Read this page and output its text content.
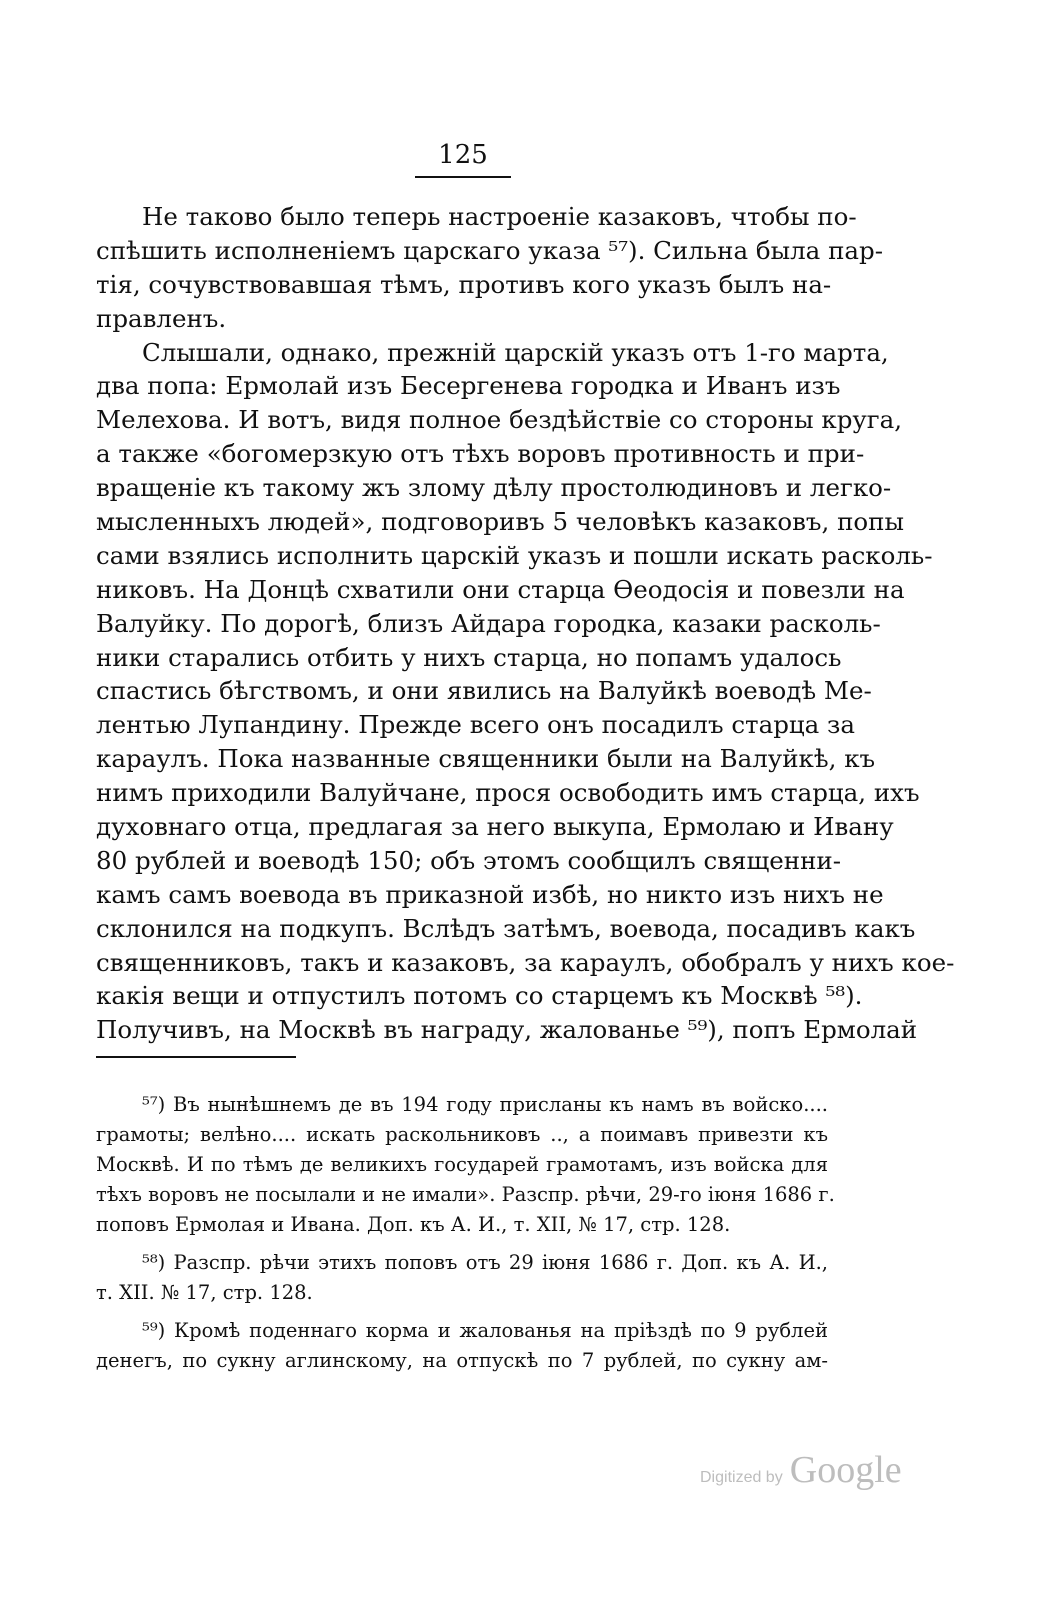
125
Не таково было теперь настроенie казаковъ, чтобы по-
спѣшить исполненiемъ царскаго указа ⁵⁷). Сильна была пар-
тія, сочувствовавшая тѣмъ, противъ кого указъ былъ на-
правленъ.
Слышали, однако, прежнiй царскiй указъ отъ 1-го марта,
два попа: Ермолай изъ Бесергенева городка и Иванъ изъ
Мелехова. И вотъ, видя полное бездѣйствiе со стороны круга,
а также «богомерзкую отъ тѣхъ воровъ противность и при-
вращенiе къ такому жъ злому дѣлу простолюдиновъ и легко-
мысленныхъ людей», подговоривъ 5 человѣкъ казаковъ, попы
сами взялись исполнить царскiй указъ и пошли искать расколь-
никовъ. На Донцѣ схватили они старца Ѳеодосiя и повезли на
Валуйку. По дорогѣ, близъ Айдара городка, казаки расколь-
ники старались отбить у нихъ старца, но попамъ удалось
спастись бѣгствомъ, и они явились на Валуйкѣ воеводѣ Ме-
лентью Лупандину. Прежде всего онъ посадилъ старца за
караулъ. Пока названные священники были на Валуйкѣ, къ
нимъ приходили Валуйчане, прося освободить имъ старца, ихъ
духовнаго отца, предлагая за него выкупа, Ермолаю и Ивану
80 рублей и воеводѣ 150; объ этомъ сообщилъ священни-
камъ самъ воевода въ приказной избѣ, но никто изъ нихъ не
склонился на подкупъ. Вслѣдъ затѣмъ, воевода, посадивъ какъ
священниковъ, такъ и казаковъ, за караулъ, обобралъ у нихъ кое-
какiя вещи и отпустилъ потомъ со старцемъ къ Москвѣ ⁵⁸).
Получивъ, на Москвѣ въ награду, жалованье ⁵⁹), попъ Ермолай
⁵⁷) Въ нынѣшнемъ де въ 194 году присланы къ намъ въ войско....
грамоты; велѣно.... искать раскольниковъ .., а поимавъ привезти къ
Москвѣ. И по тѣмъ де великихъ государей грамотамъ, изъ войска для
тѣхъ воровъ не посылали и не имали». Разспр. рѣчи, 29-го iюня 1686 г.
поповъ Ермолая и Ивана. Доп. къ А. И., т. XII, № 17, стр. 128.
⁵⁸) Разспр. рѣчи этихъ поповъ отъ 29 iюня 1686 г. Доп. къ А. И.,
т. XII. № 17, стр. 128.
⁵⁹) Кромѣ поденнаго корма и жалованья на прiѣздѣ по 9 рублей
денегъ, по сукну аглинскому, на отпускѣ по 7 рублей, по сукну ам-
Digitized by Google
